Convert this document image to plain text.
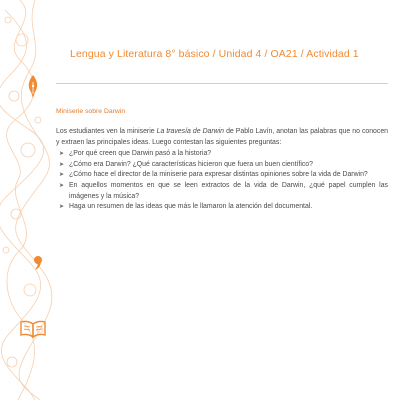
Lengua y Literatura 8° básico / Unidad 4 / OA21 / Actividad 1
Miniserie sobre Darwin
Los estudiantes ven la miniserie La travesía de Darwin de Pablo Lavín, anotan las palabras que no conocen y extraen las principales ideas. Luego contestan las siguientes preguntas:
➤ ¿Por qué creen que Darwin pasó a la historia?
➤ ¿Cómo era Darwin? ¿Qué características hicieron que fuera un buen científico?
➤ ¿Cómo hace el director de la miniserie para expresar distintas opiniones sobre la vida de Darwin?
➤ En aquellos momentos en que se leen extractos de la vida de Darwin, ¿qué papel cumplen las imágenes y la música?
➤ Haga un resumen de las ideas que más le llamaron la atención del documental.
